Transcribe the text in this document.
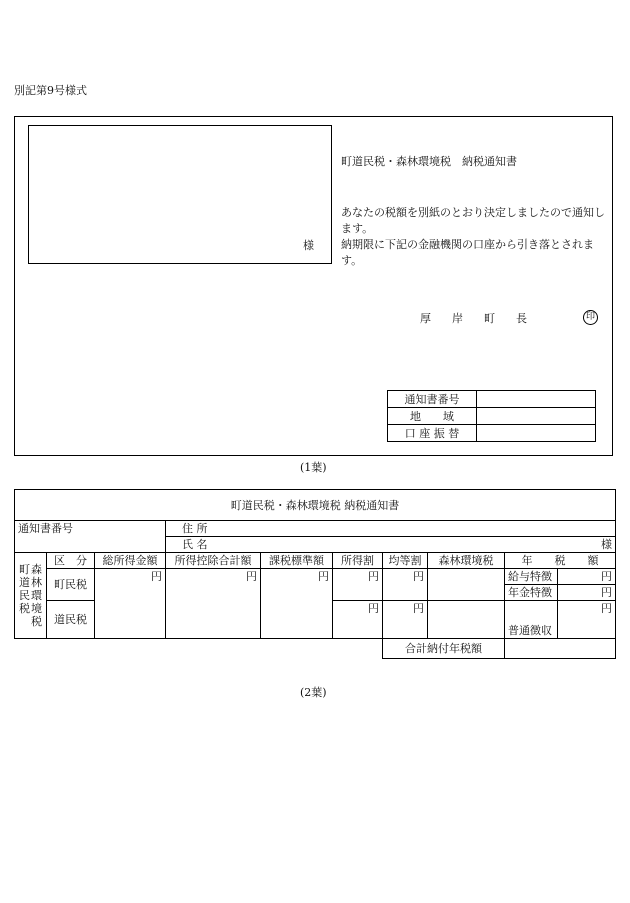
別記第9号様式
様
町道民税・森林環境税　納税通知書
あなたの税額を別紙のとおり決定しましたので通知します。
納期限に下記の金融機関の口座から引き落とされます。
厚 岸 町 長	印
通知書番号	
地　　域	
口 座 振 替	
(1葉)
町道民税・森林環境税 納税通知書									
通知書番号			住 所						
			氏 名						様
町道民税森林環境税	区　分	総所得金額	所得控除合計額	課税標準額	所得割	均等割	森林環境税	年　　税　　額	
	町民税	円	円	円	円	円		給与特徴	円
								年金特徴	円
	道民税				円	円		普通徴収	円
						合計納付年税額			
(2葉)
